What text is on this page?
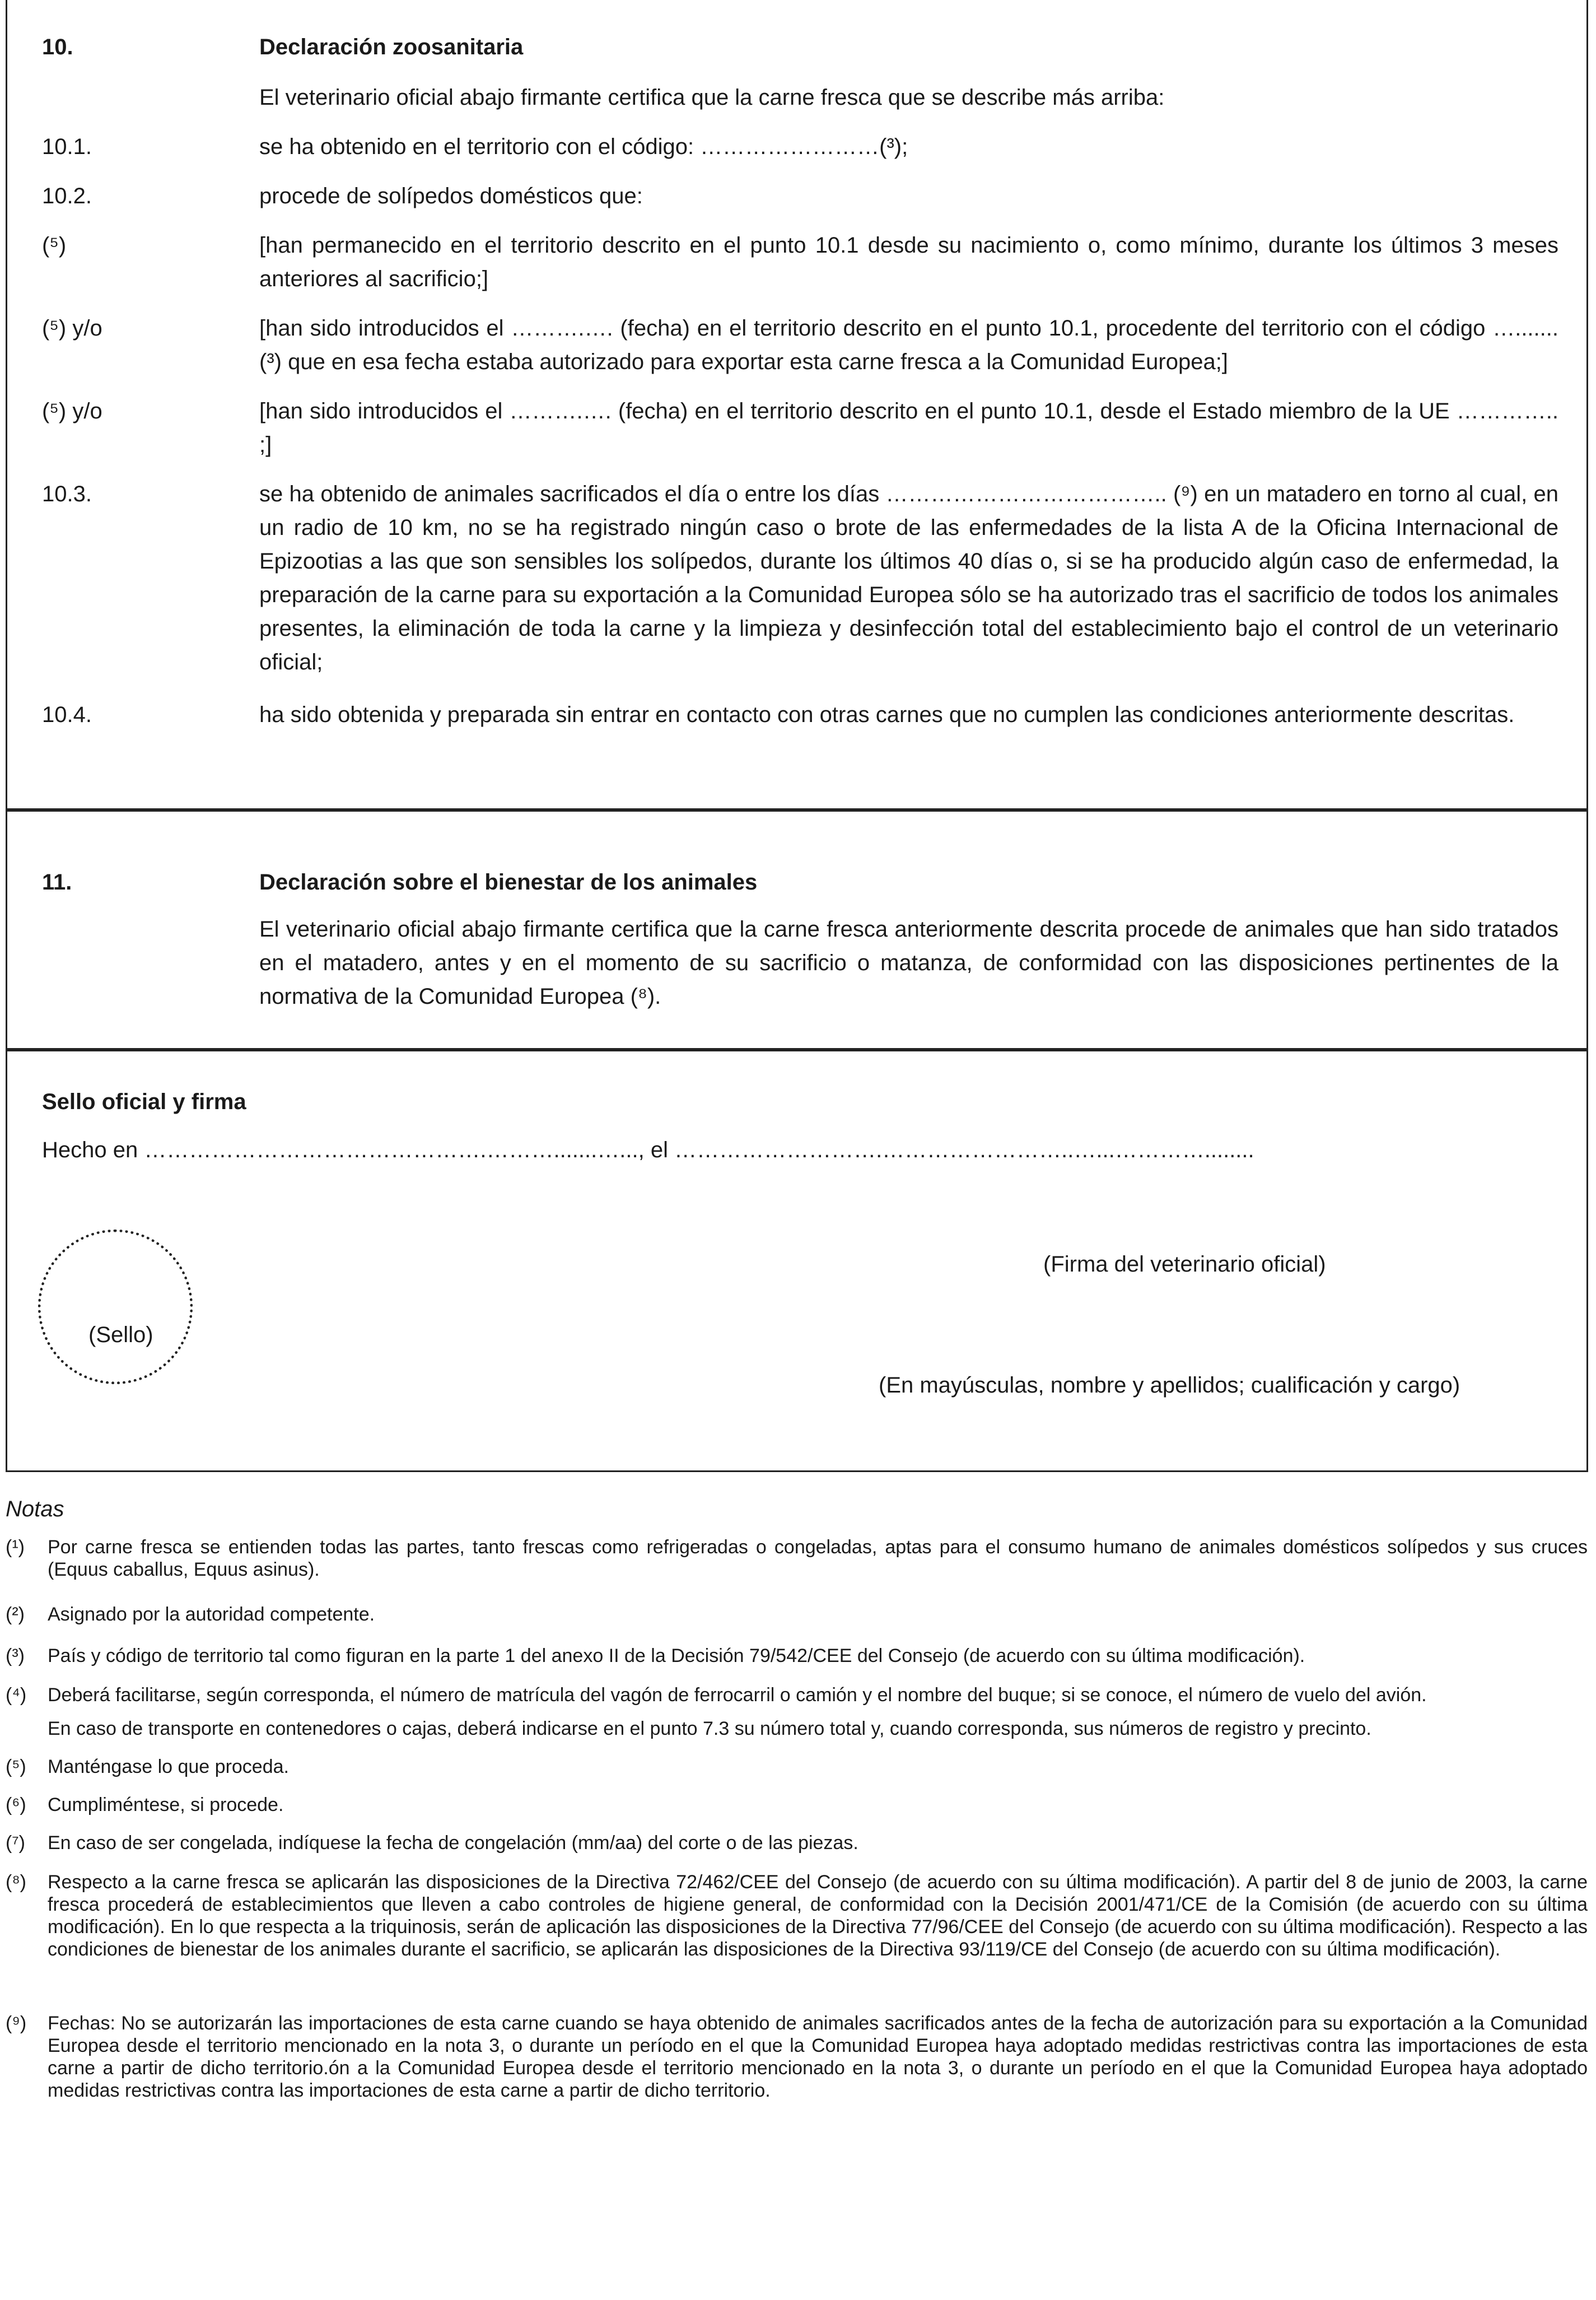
10.	Declaración zoosanitaria
El veterinario oficial abajo firmante certifica que la carne fresca que se describe más arriba:
10.1.	se ha obtenido en el territorio con el código: ……………………(³);
10.2.	procede de solípedos domésticos que:
(⁵)	[han permanecido en el territorio descrito en el punto 10.1 desde su nacimiento o, como mínimo, durante los últimos 3 meses anteriores al sacrificio;]
(⁵) y/o	[han sido introducidos el ……….…. (fecha) en el territorio descrito en el punto 10.1, procedente del territorio con el código …....... (³) que en esa fecha estaba autorizado para exportar esta carne fresca a la Comunidad Europea;]
(⁵) y/o	[han sido introducidos el ……….…. (fecha) en el territorio descrito en el punto 10.1, desde el Estado miembro de la UE ………….. ;]
10.3.	se ha obtenido de animales sacrificados el día o entre los días ……………………………….. (⁹) en un matadero en torno al cual, en un radio de 10 km, no se ha registrado ningún caso o brote de las enfermedades de la lista A de la Oficina Internacional de Epizootias a las que son sensibles los solípedos, durante los últimos 40 días o, si se ha producido algún caso de enfermedad, la preparación de la carne para su exportación a la Comunidad Europea sólo se ha autorizado tras el sacrificio de todos los animales presentes, la eliminación de toda la carne y la limpieza y desinfección total del establecimiento bajo el control de un veterinario oficial;
10.4.	ha sido obtenida y preparada sin entrar en contacto con otras carnes que no cumplen las condiciones anteriormente descritas.
11.	Declaración sobre el bienestar de los animales
El veterinario oficial abajo firmante certifica que la carne fresca anteriormente descrita procede de animales que han sido tratados en el matadero, antes y en el momento de su sacrificio o matanza, de conformidad con las disposiciones pertinentes de la normativa de la Comunidad Europea (⁸).
Sello oficial y firma
Hecho en ……………………………………….……….......…..., el ……………………….……………………..…...…………........
(Firma del veterinario oficial)
(Sello)
(En mayúsculas, nombre y apellidos; cualificación y cargo)
Notas
(¹) Por carne fresca se entienden todas las partes, tanto frescas como refrigeradas o congeladas, aptas para el consumo humano de animales domésticos solípedos y sus cruces (Equus caballus, Equus asinus).
(²) Asignado por la autoridad competente.
(³) País y código de territorio tal como figuran en la parte 1 del anexo II de la Decisión 79/542/CEE del Consejo (de acuerdo con su última modificación).
(⁴) Deberá facilitarse, según corresponda, el número de matrícula del vagón de ferrocarril o camión y el nombre del buque; si se conoce, el número de vuelo del avión.
En caso de transporte en contenedores o cajas, deberá indicarse en el punto 7.3 su número total y, cuando corresponda, sus números de registro y precinto.
(⁵) Manténgase lo que proceda.
(⁶) Cumpliméntese, si procede.
(⁷) En caso de ser congelada, indíquese la fecha de congelación (mm/aa) del corte o de las piezas.
(⁸) Respecto a la carne fresca se aplicarán las disposiciones de la Directiva 72/462/CEE del Consejo (de acuerdo con su última modificación). A partir del 8 de junio de 2003, la carne fresca procederá de establecimientos que lleven a cabo controles de higiene general, de conformidad con la Decisión 2001/471/CE de la Comisión (de acuerdo con su última modificación). En lo que respecta a la triquinosis, serán de aplicación las disposiciones de la Directiva 77/96/CEE del Consejo (de acuerdo con su última modificación). Respecto a las condiciones de bienestar de los animales durante el sacrificio, se aplicarán las disposiciones de la Directiva 93/119/CE del Consejo (de acuerdo con su última modificación).
(⁹) Fechas: No se autorizarán las importaciones de esta carne cuando se haya obtenido de animales sacrificados antes de la fecha de autorización para su exportación a la Comunidad Europea desde el territorio mencionado en la nota 3, o durante un período en el que la Comunidad Europea haya adoptado medidas restrictivas contra las importaciones de esta carne a partir de dicho territorio.ón a la Comunidad Europea desde el territorio mencionado en la nota 3, o durante un período en el que la Comunidad Europea haya adoptado medidas restrictivas contra las importaciones de esta carne a partir de dicho territorio.
